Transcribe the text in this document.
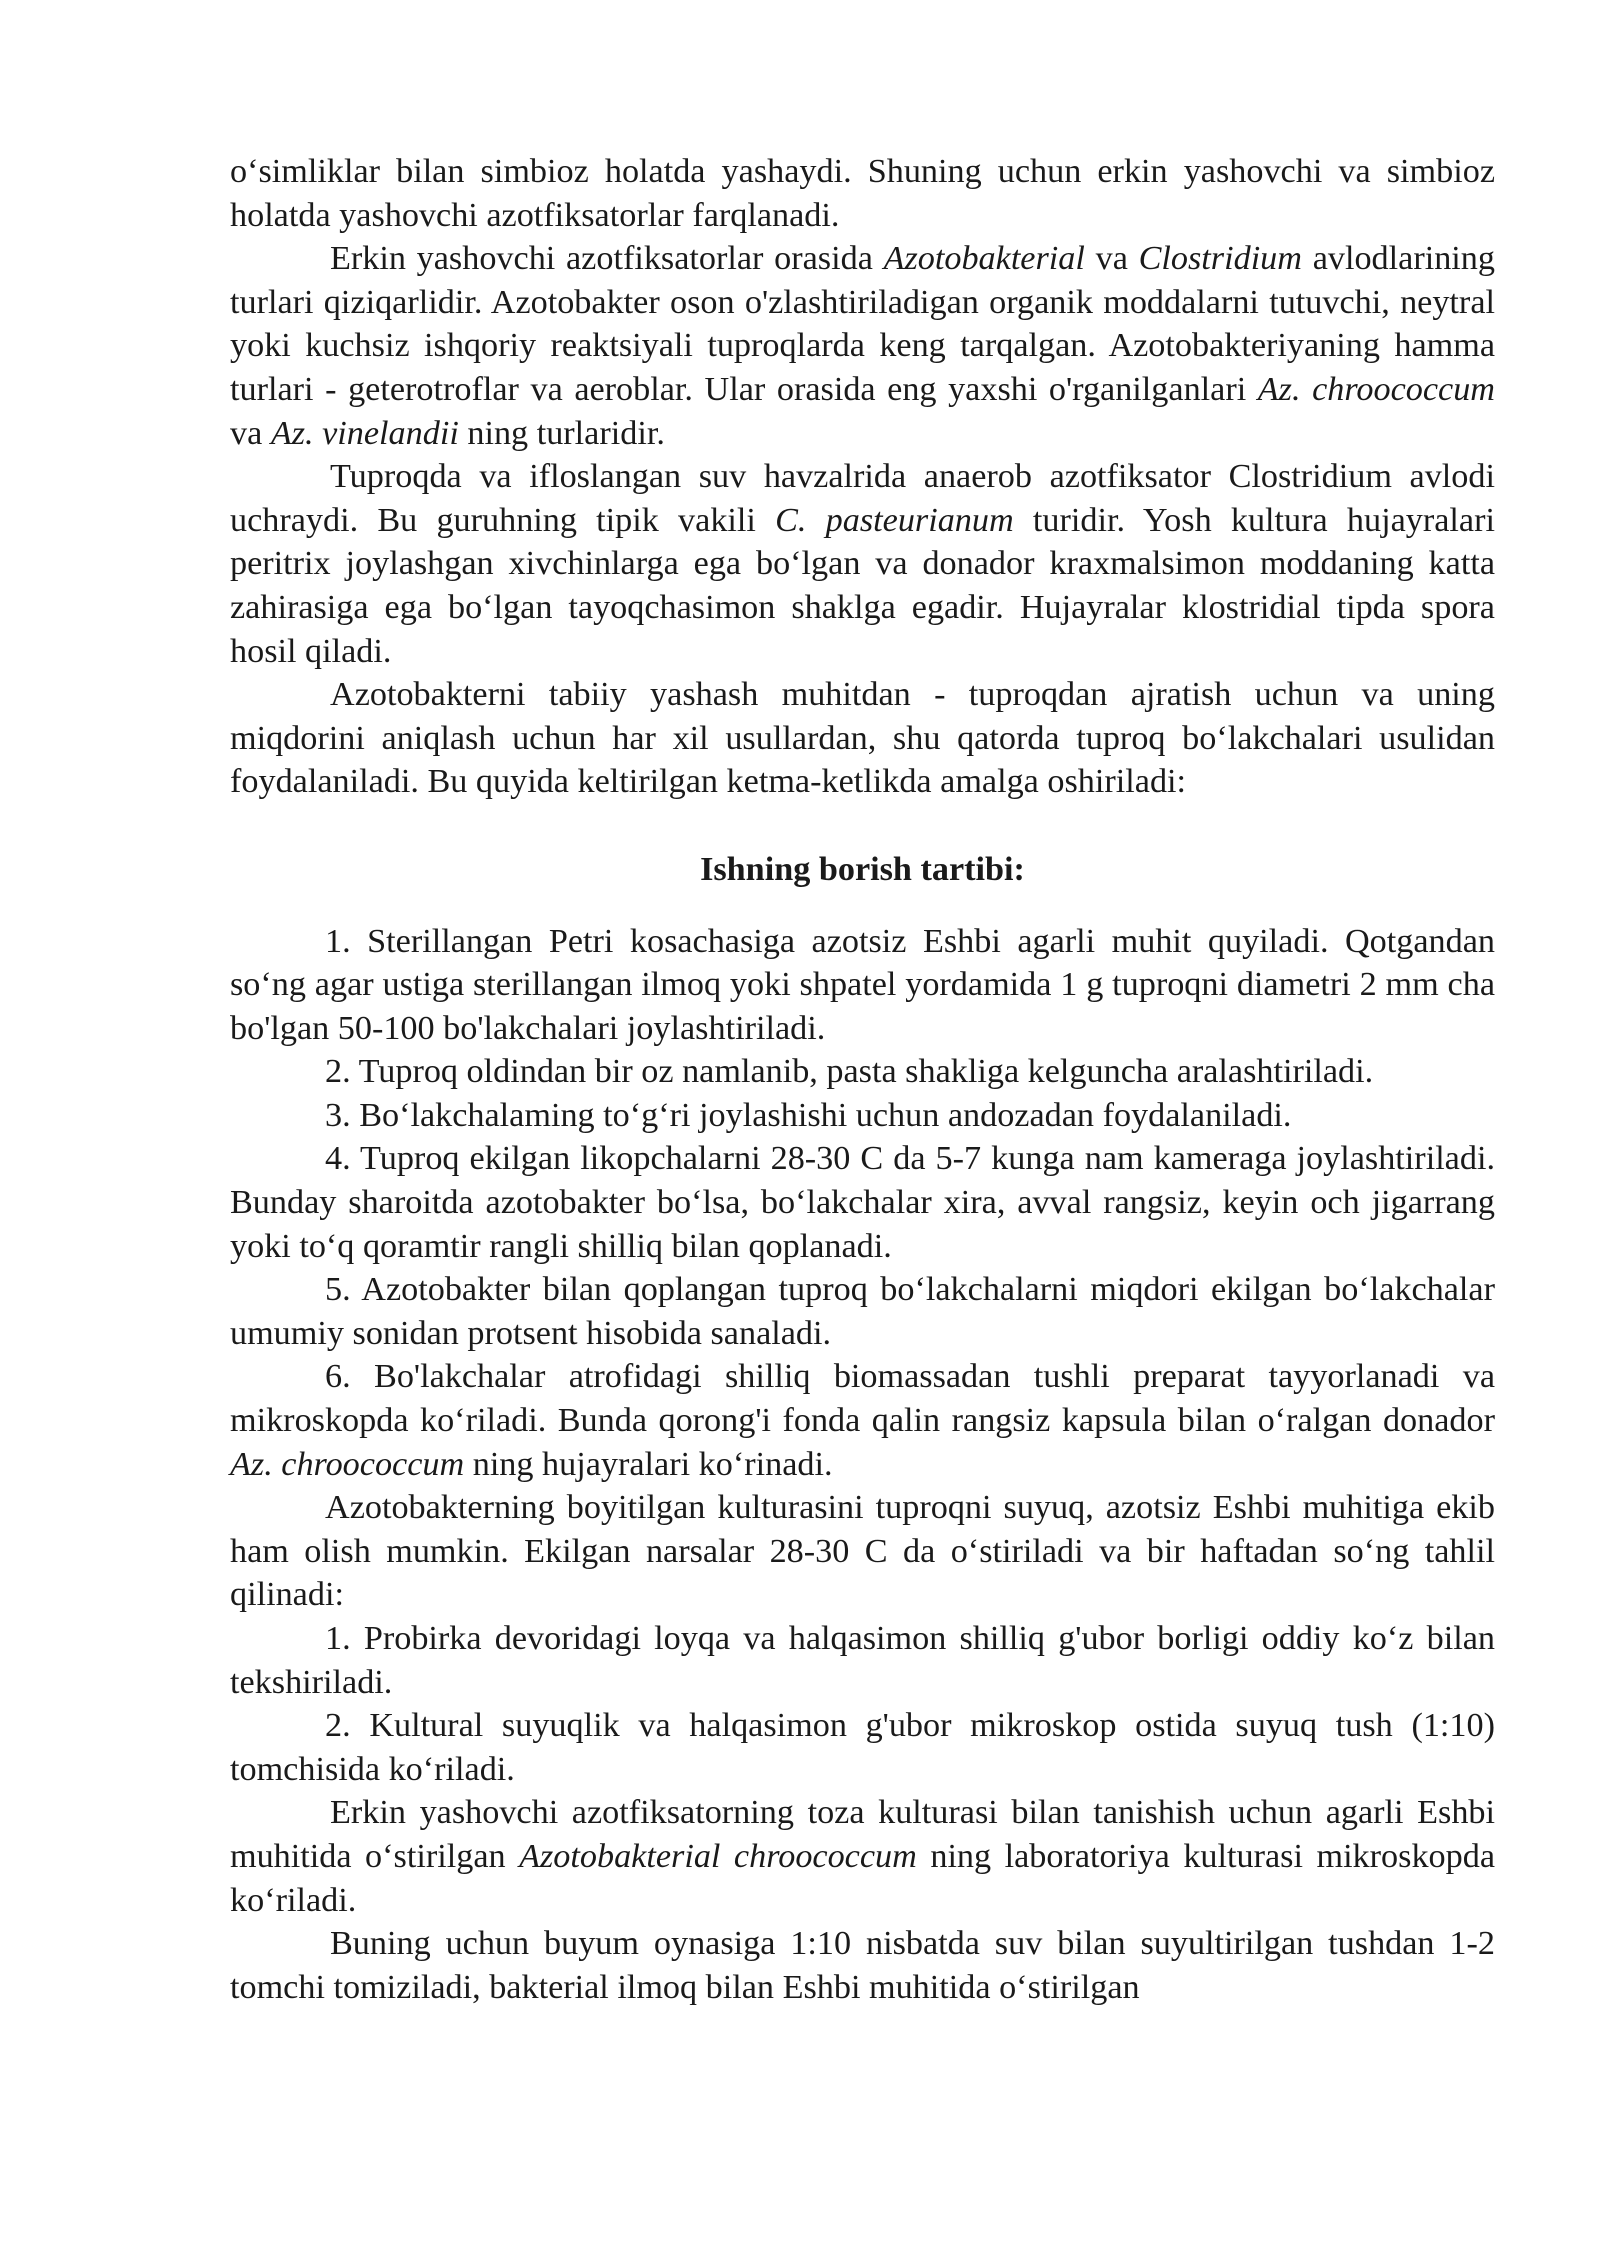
o‘simliklar bilan simbioz holatda yashaydi. Shuning uchun erkin yashovchi va simbioz holatda yashovchi azotfiksatorlar farqlanadi.

Erkin yashovchi azotfiksatorlar orasida Azotobakterial va Clostridium avlodlarining turlari qiziqarlidir. Azotobakter oson o'zlashtiriladigan organik moddalarni tutuvchi, neytral yoki kuchsiz ishqoriy reaktsiyali tuproqlarda keng tarqalgan. Azotobakteriyaning hamma turlari - geterotroflar va aeroblar. Ular orasida eng yaxshi o'rganilganlari Az. chroococcum va Az. vinelandii ning turlaridir.

Tuproqda va ifloslangan suv havzalrida anaerob azotfiksator Clostridium avlodi uchraydi. Bu guruhning tipik vakili C. pasteurianum turidir. Yosh kultura hujayralari peritrix joylashgan xivchinlarga ega bo‘lgan va donador kraxmalsimon moddaning katta zahirasiga ega bo‘lgan tayoqchasimon shaklga egadir. Hujayralar klostridial tipda spora hosil qiladi.

Azotobakterni tabiiy yashash muhitdan - tuproqdan ajratish uchun va uning miqdorini aniqlash uchun har xil usullardan, shu qatorda tuproq bo‘lakchalari usulidan foydalaniladi. Bu quyida keltirilgan ketma-ketlikda amalga oshiriladi:

Ishning borish tartibi:

1. Sterillangan Petri kosachasiga azotsiz Eshbi agarli muhit quyiladi. Qotgandan so‘ng agar ustiga sterillangan ilmoq yoki shpatel yordamida 1 g tuproqni diametri 2 mm cha bo'lgan 50-100 bo'lakchalari joylashtiriladi.

2. Tuproq oldindan bir oz namlanib, pasta shakliga kelguncha aralashtiriladi.

3. Bo‘lakchalaming to‘g‘ri joylashishi uchun andozadan foydalaniladi.

4. Tuproq ekilgan likopchalarni 28-30 C da 5-7 kunga nam kameraga joylashtiriladi. Bunday sharoitda azotobakter bo‘lsa, bo‘lakchalar xira, avval rangsiz, keyin och jigarrang yoki to‘q qoramtir rangli shilliq bilan qoplanadi.

5. Azotobakter bilan qoplangan tuproq bo‘lakchalarni miqdori ekilgan bo‘lakchalar umumiy sonidan protsent hisobida sanaladi.

6. Bo'lakchalar atrofidagi shilliq biomassadan tushli preparat tayyorlanadi va mikroskopda ko‘riladi. Bunda qorong'i fonda qalin rangsiz kapsula bilan o‘ralgan donador Az. chroococcum ning hujayralari ko‘rinadi.

Azotobakterning boyitilgan kulturasini tuproqni suyuq, azotsiz Eshbi muhitiga ekib ham olish mumkin. Ekilgan narsalar 28-30 C da o‘stiriladi va bir haftadan so‘ng tahlil qilinadi:

1. Probirka devoridagi loyqa va halqasimon shilliq g'ubor borligi oddiy ko‘z bilan tekshiriladi.

2. Kultural suyuqlik va halqasimon g'ubor mikroskop ostida suyuq tush (1:10) tomchisida ko‘riladi.

Erkin yashovchi azotfiksatorning toza kulturasi bilan tanishish uchun agarli Eshbi muhitida o‘stirilgan Azotobakterial chroococcum ning laboratoriya kulturasi mikroskopda ko‘riladi.

Buning uchun buyum oynasiga 1:10 nisbatda suv bilan suyultirilgan tushdan 1-2 tomchi tomiziladi, bakterial ilmoq bilan Eshbi muhitida o‘stirilgan
